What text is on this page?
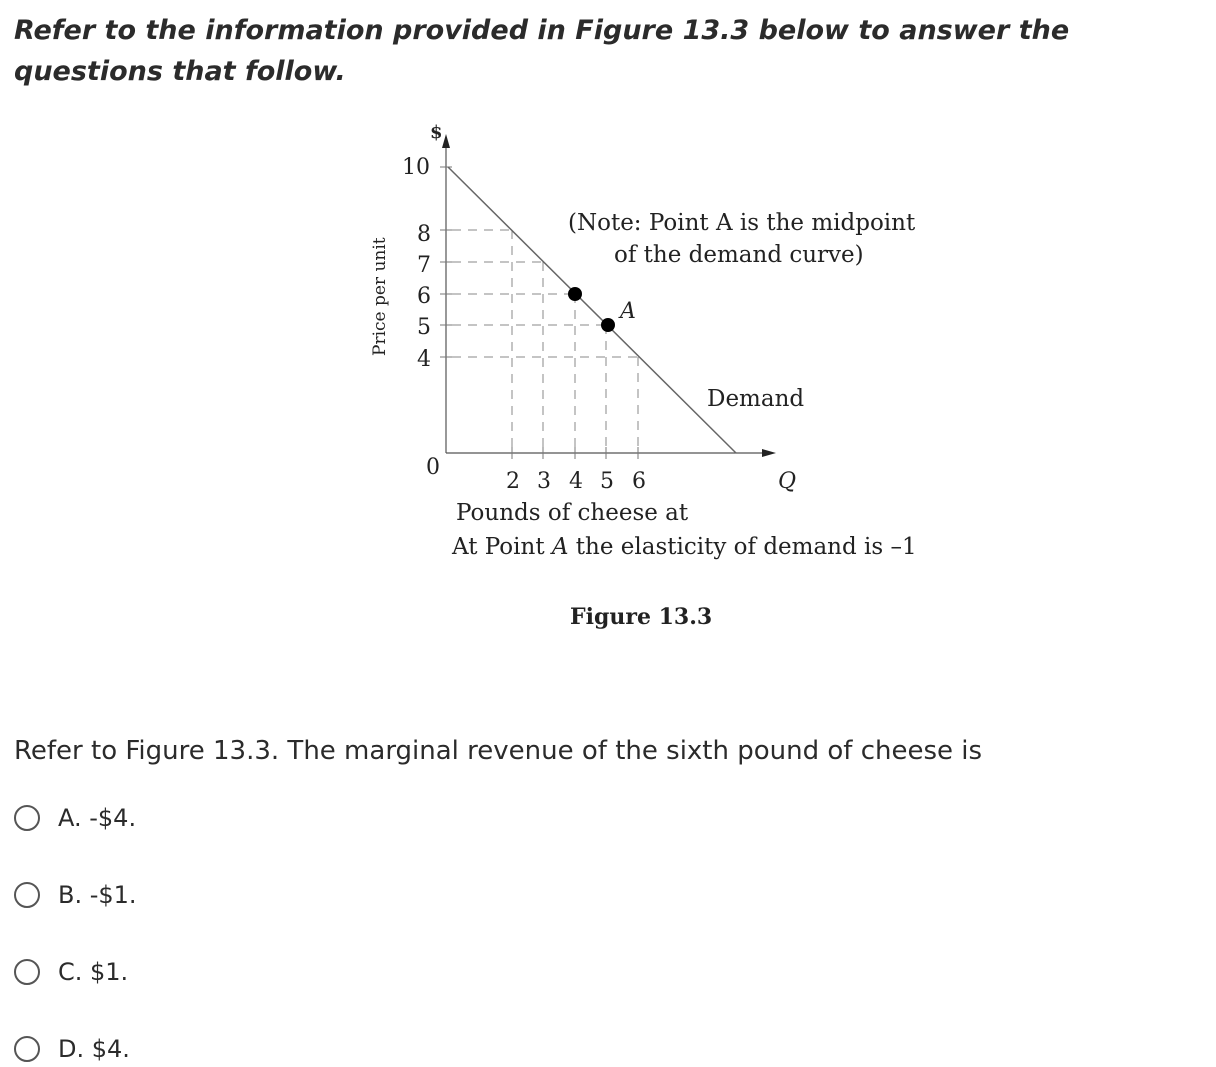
Refer to the information provided in Figure 13.3 below to answer the questions that follow.

$
10
8
7
6
5
4
0
2 3 4 5 6
A
(Note: Point A is the midpoint
of the demand curve)
Demand
Q
Price per unit
Pounds of cheese at
At Point A the elasticity of demand is –1
Figure 13.3

Refer to Figure 13.3. The marginal revenue of the sixth pound of cheese is

A. -$4.
B. -$1.
C. $1.
D. $4.
